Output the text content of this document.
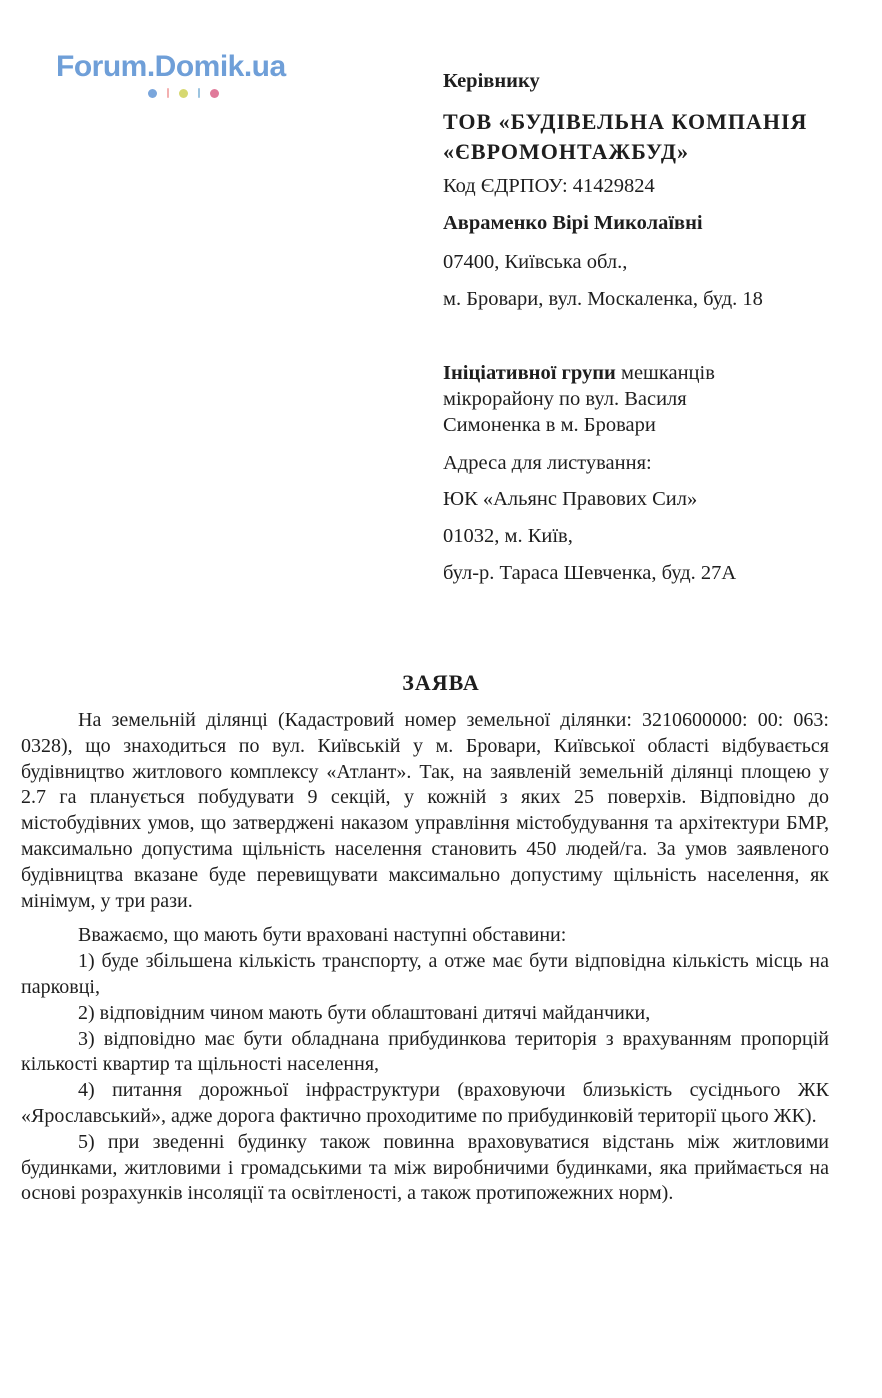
Forum.Domik.ua	Керівнику
ТОВ «БУДІВЕЛЬНА КОМПАНІЯ
«ЄВРОМОНТАЖБУД»
Код ЄДРПОУ: 41429824
Авраменко Вірі Миколаївні
07400, Київська обл.,
м. Бровари, вул. Москаленка, буд. 18
Ініціативної групи мешканців
мікрорайону по вул. Василя
Симоненка в м. Бровари
Адреса для листування:
ЮК «Альянс Правових Сил»
01032, м. Київ,
бул-р. Тараса Шевченка, буд. 27А
ЗАЯВА

На земельній ділянці (Кадастровий номер земельної ділянки: 3210600000: 00: 063: 0328), що знаходиться по вул. Київській у м. Бровари, Київської області відбувається будівництво житлового комплексу «Атлант». Так, на заявленій земельній ділянці площею у 2.7 га планується побудувати 9 секцій, у кожній з яких 25 поверхів. Відповідно до містобудівних умов, що затверджені наказом управління містобудування та архітектури БМР, максимально допустима щільність населення становить 450 людей/га. За умов заявленого будівництва вказане буде перевищувати максимально допустиму щільність населення, як мінімум, у три рази.

Вважаємо, що мають бути враховані наступні обставини:

1) буде збільшена кількість транспорту, а отже має бути відповідна кількість місць на парковці,

2) відповідним чином мають бути облаштовані дитячі майданчики,

3) відповідно має бути обладнана прибудинкова територія з врахуванням пропорцій кількості квартир та щільності населення,

4) питання дорожньої інфраструктури (враховуючи близькість сусіднього ЖК «Ярославський», адже дорога фактично проходитиме по прибудинковій території цього ЖК).

5) при зведенні будинку також повинна враховуватися відстань між житловими будинками, житловими і громадськими та між виробничими будинками, яка приймається на основі розрахунків інсоляції та освітленості, а також протипожежних норм).
